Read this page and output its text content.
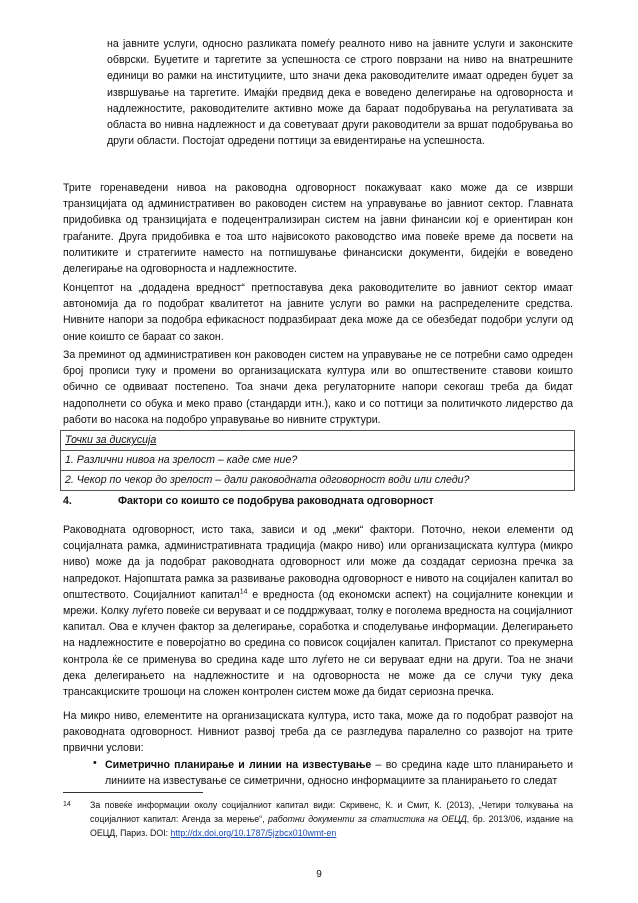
на јавните услуги, односно разликата помеѓу реалното ниво на јавните услуги и законските обврски. Буџетите и таргетите за успешноста се строго поврзани на ниво на внатрешните единици во рамки на институциите, што значи дека раководителите имаат одреден буџет за извршување на таргетите. Имајќи предвид дека е воведено делегирање на одговорноста и надлежностите, раководителите активно може да бараат подобрувања на регулативата за областа во нивна надлежност и да советуваат други раководители за вршат подобрувања во други области. Постојат одредени поттици за евидентирање на успешноста.

Трите горенаведени нивоа на раководна одговорност покажуваат како може да се изврши транзицијата од административен во раководен систем на управување во јавниот сектор. Главната придобивка од транзицијата е подецентрализиран систем на јавни финансии кој е ориентиран кон граѓаните. Друга придобивка е тоа што највисокото раководство има повеќе време да посвети на политиките и стратегиите наместо на потпишување финансиски документи, бидејќи е воведено делегирање на одговорноста и надлежностите.

Концептот на „додадена вредност“ претпоставува дека раководителите во јавниот сектор имаат автономија да го подобрат квалитетот на јавните услуги во рамки на распределените средства. Нивните напори за подобра ефикасност подразбираат дека може да се обезбедат подобри услуги од оние коишто се бараат со закон.

За преминот од административен кон раководен систем на управување не се потребни само одреден број прописи туку и промени во организациската култура или во општествените ставови коишто обично се одвиваат постепено. Тоа значи дека регулаторните напори секогаш треба да бидат надополнети со обука и меко право (стандарди итн.), како и со поттици за политичкото лидерство да работи во насока на подобро управување во нивните структури.

Точки за дискусија
1. Различни нивоа на зрелост – каде сме ние?
2. Чекор по чекор до зрелост – дали раководната одговорност води или следи?
4.	Фактори со коишто се подобрува раководната одговорност

Раководната одговорност, исто така, зависи и од „меки“ фактори. Поточно, некои елементи од социјалната рамка, административната традиција (макро ниво) или организациската култура (микро ниво) може да ја подобрат раководната одговорност или може да создадат сериозна пречка за напредокот. Најопштата рамка за развивање раководна одговорност е нивото на социјален капитал во општеството. Социјалниот капитал$^{14}$ е вредноста (од економски аспект) на социјалните конекции и мрежи. Колку луѓето повеќе си веруваат и се поддржуваат, толку е поголема вредноста на социјалниот капитал. Ова е клучен фактор за делегирање, соработка и споделување информации. Делегирањето на надлежностите е поверојатно во средина со повисок социјален капитал. Пристапот со прекумерна контрола ќе се применува во средина каде што луѓето не си веруваат едни на други. Тоа не значи дека делегирањето на надлежностите и на одговорноста не може да се случи туку дека трансакциските трошоци на сложен контролен систем може да бидат сериозна пречка.

На микро ниво, елементите на организациската култура, исто така, може да го подобрат развојот на раководната одговорност. Нивниот развој треба да се разгледува паралелно со развојот на трите првични услови:

• Симетрично планирање и линии на известување – во средина каде што планирањето и линиите на известување се симетрични, односно информациите за планирањето го следат

14 За повеќе информации околу социјалниот капитал види: Скривенс, К. и Смит, К. (2013), „Четири толкувања на социјалниот капитал: Агенда за мерење“, работни документи за статистика на ОЕЦД, бр. 2013/06, издание на ОЕЦД, Париз. DOI: http://dx.doi.org/10.1787/5jzbcx010wmt-en
9
